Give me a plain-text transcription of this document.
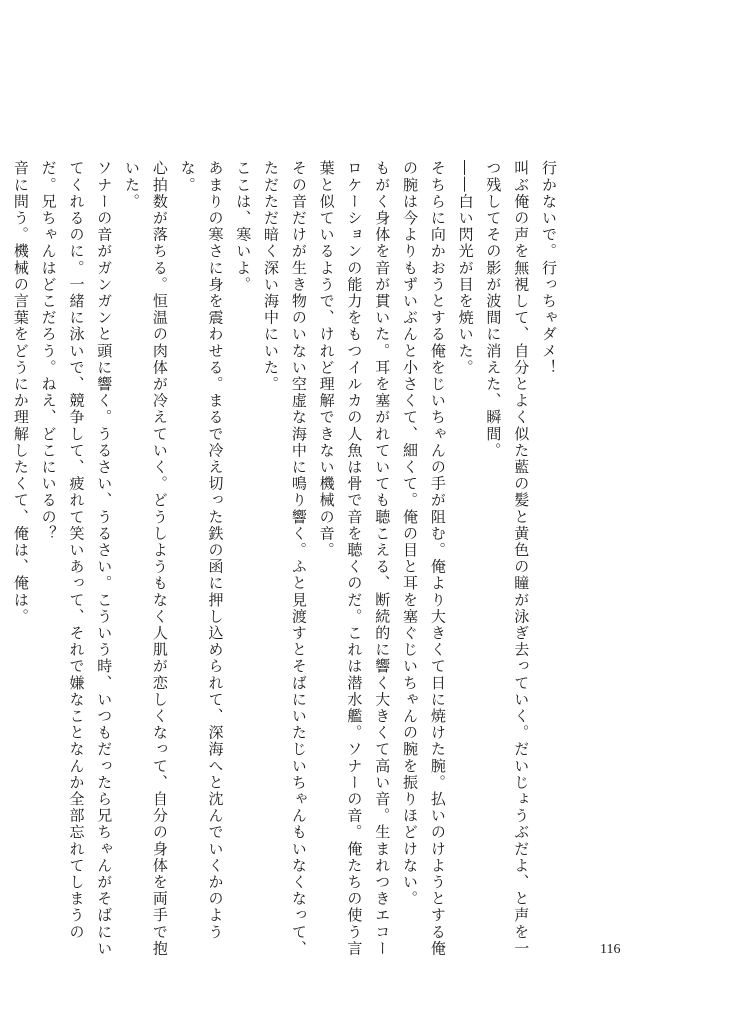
行かないで。行っちゃダメ！

叫ぶ俺の声を無視して、自分とよく似た藍の髪と黄色の瞳が泳ぎ去っていく。だいじょうぶだよ、と声を一つ残してその影が波間に消えた、瞬間。

――白い閃光が目を焼いた。

そちらに向かおうとする俺をじいちゃんの手が阻む。俺より大きくて日に焼けた腕。払いのけようとする俺の腕は今よりもずいぶんと小さくて、細くて。俺の目と耳を塞ぐじいちゃんの腕を振りほどけない。

もがく身体を音が貫いた。耳を塞がれていても聴こえる、断続的に響く大きくて高い音。生まれつきエコーロケーションの能力をもつイルカの人魚は骨で音を聴くのだ。これは潜水艦。ソナーの音。俺たちの使う言葉と似ているようで、けれど理解できない機械の音。

その音だけが生き物のいない空虚な海中に鳴り響く。ふと見渡すとそばにいたじいちゃんもいなくなって、ただただ暗く深い海中にいた。

ここは、寒いよ。

あまりの寒さに身を震わせる。まるで冷え切った鉄の函に押し込められて、深海へと沈んでいくかのような。

心拍数が落ちる。恒温の肉体が冷えていく。どうしようもなく人肌が恋しくなって、自分の身体を両手で抱いた。

ソナーの音がガンガンと頭に響く。うるさい、うるさい。こういう時、いつもだったら兄ちゃんがそばにいてくれるのに。一緒に泳いで、競争して、疲れて笑いあって、それで嫌なことなんか全部忘れてしまうのだ。兄ちゃんはどこだろう。ねえ、どこにいるの？

音に問う。機械の言葉をどうにか理解したくて、俺は、俺は。

116
